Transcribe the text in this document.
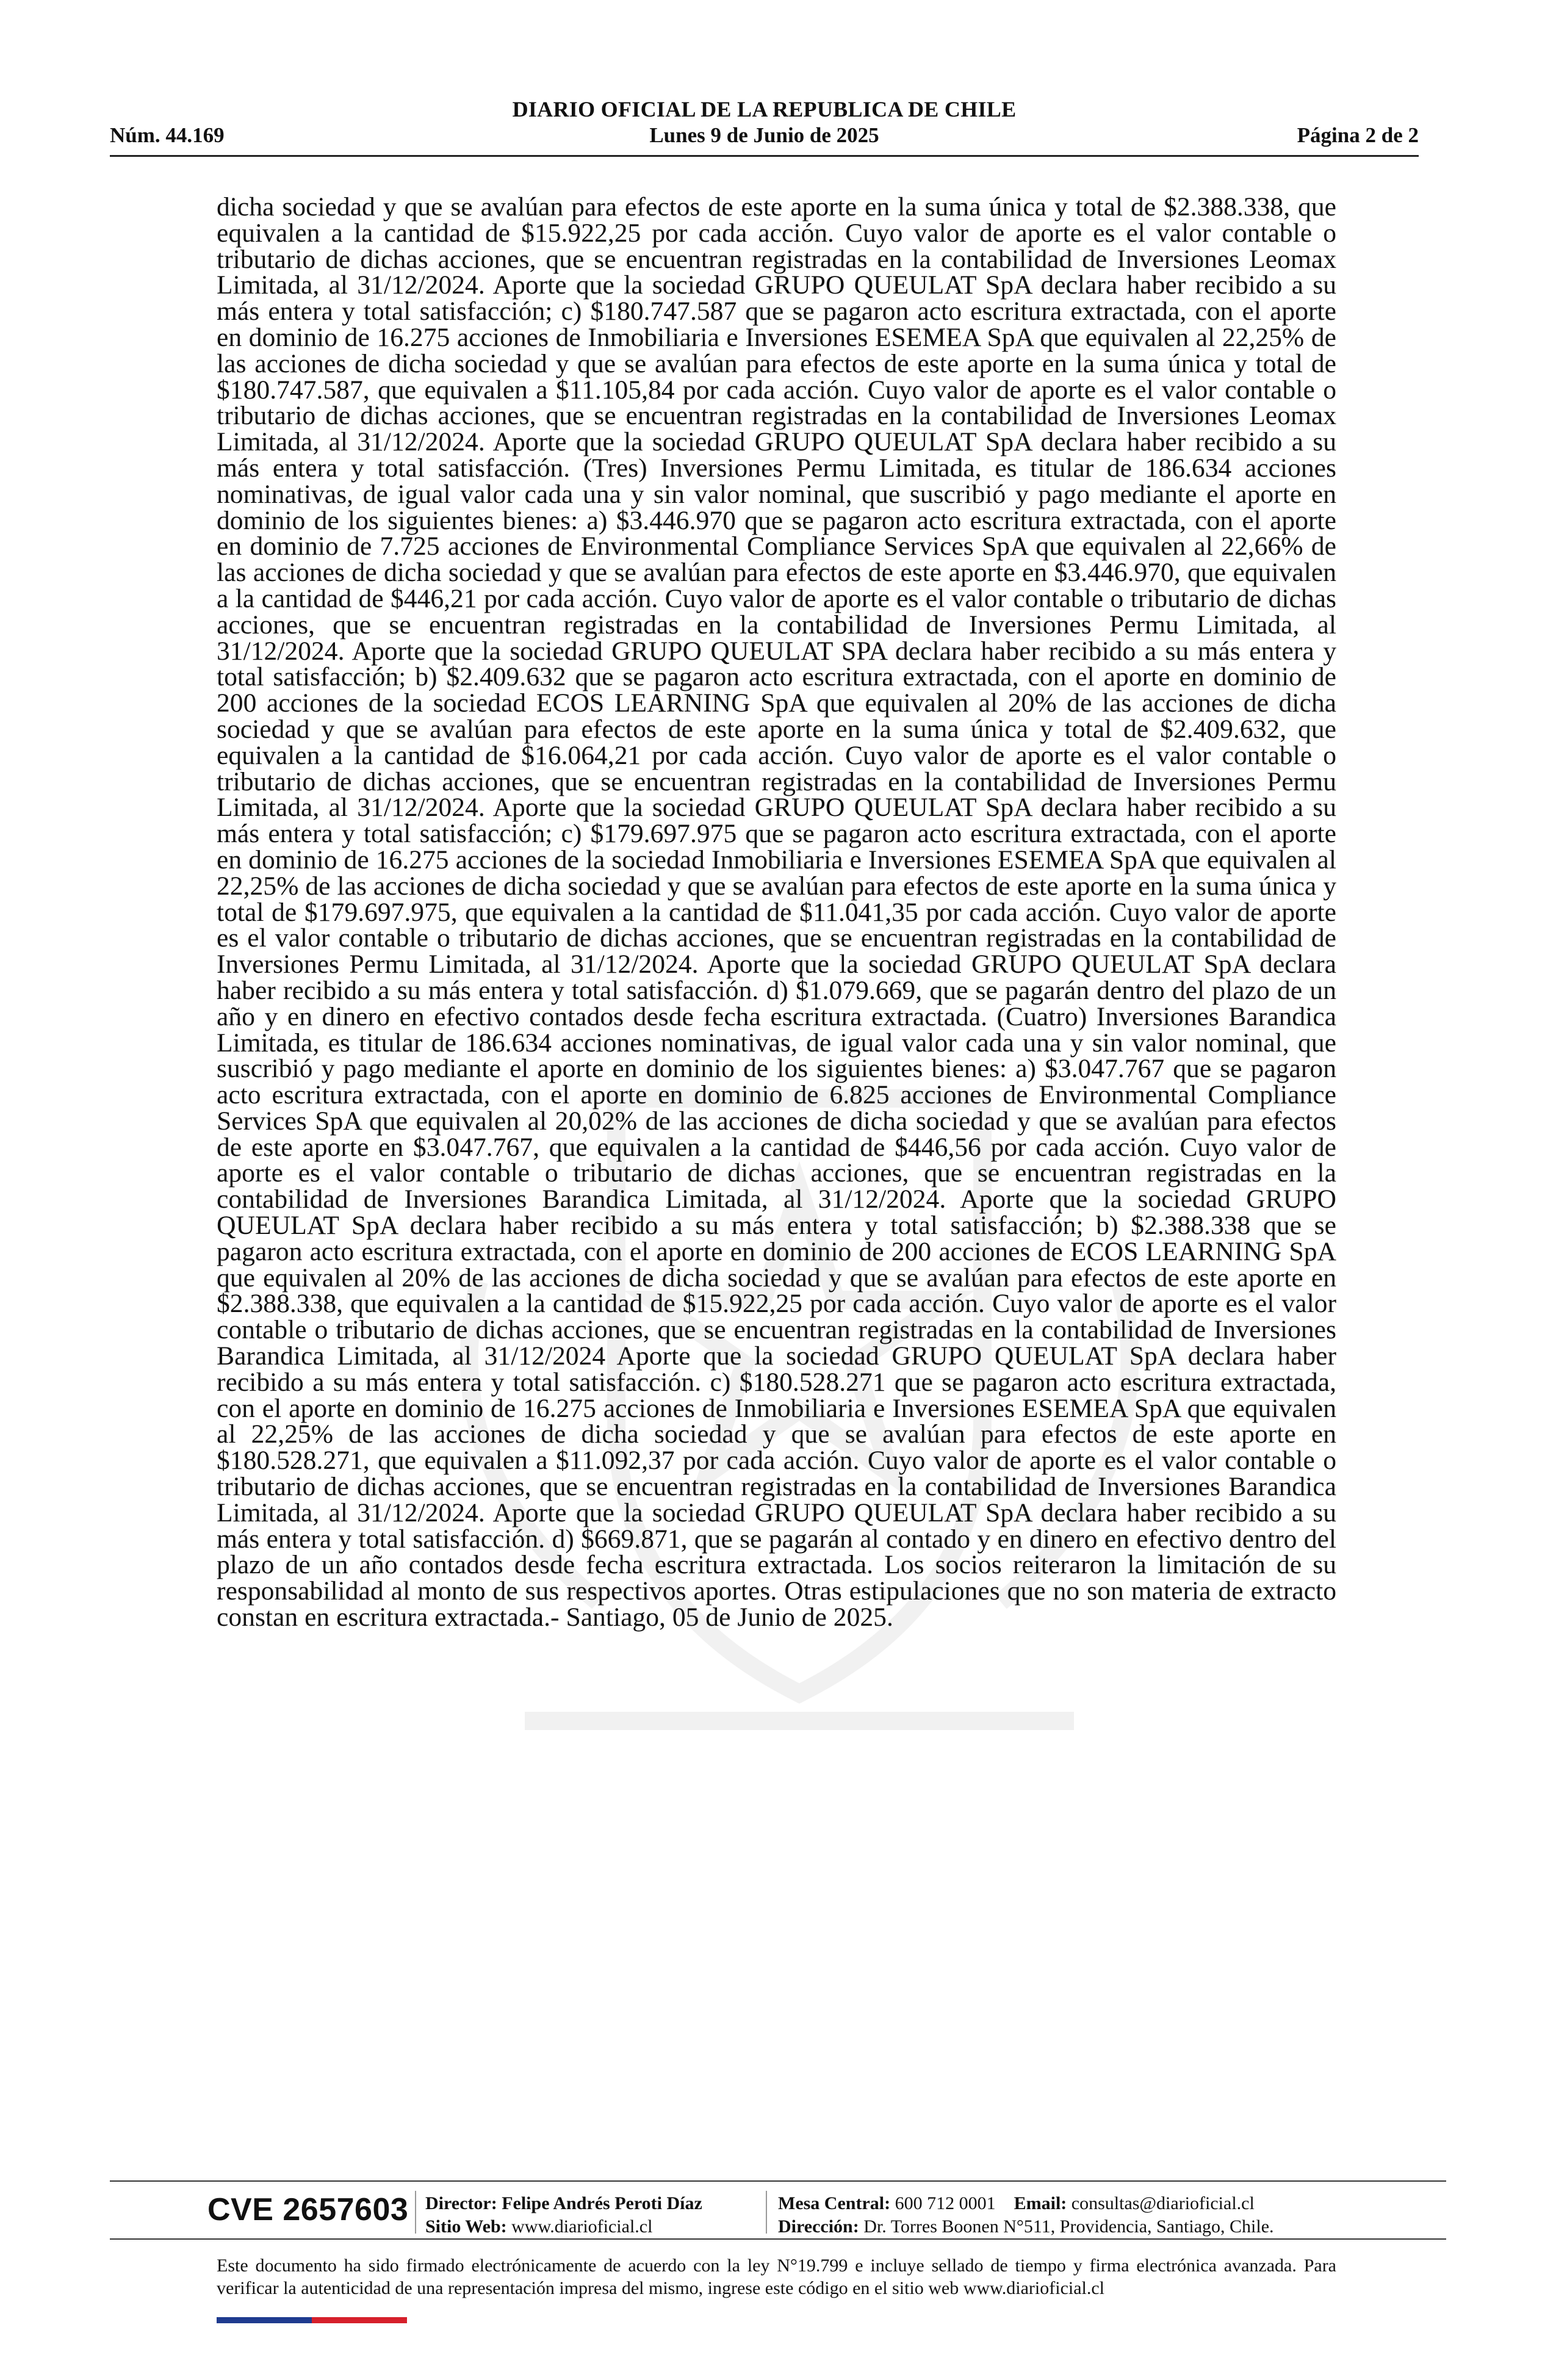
DIARIO OFICIAL DE LA REPUBLICA DE CHILE
Núm. 44.169	Lunes 9 de Junio de 2025	Página 2 de 2

dicha sociedad y que se avalúan para efectos de este aporte en la suma única y total de $2.388.338, que equivalen a la cantidad de $15.922,25 por cada acción. Cuyo valor de aporte es el valor contable o tributario de dichas acciones, que se encuentran registradas en la contabilidad de Inversiones Leomax Limitada, al 31/12/2024. Aporte que la sociedad GRUPO QUEULAT SpA declara haber recibido a su más entera y total satisfacción; c) $180.747.587 que se pagaron acto escritura extractada, con el aporte en dominio de 16.275 acciones de Inmobiliaria e Inversiones ESEMEA SpA que equivalen al 22,25% de las acciones de dicha sociedad y que se avalúan para efectos de este aporte en la suma única y total de $180.747.587, que equivalen a $11.105,84 por cada acción. Cuyo valor de aporte es el valor contable o tributario de dichas acciones, que se encuentran registradas en la contabilidad de Inversiones Leomax Limitada, al 31/12/2024. Aporte que la sociedad GRUPO QUEULAT SpA declara haber recibido a su más entera y total satisfacción. (Tres) Inversiones Permu Limitada, es titular de 186.634 acciones nominativas, de igual valor cada una y sin valor nominal, que suscribió y pago mediante el aporte en dominio de los siguientes bienes: a) $3.446.970 que se pagaron acto escritura extractada, con el aporte en dominio de 7.725 acciones de Environmental Compliance Services SpA que equivalen al 22,66% de las acciones de dicha sociedad y que se avalúan para efectos de este aporte en $3.446.970, que equivalen a la cantidad de $446,21 por cada acción. Cuyo valor de aporte es el valor contable o tributario de dichas acciones, que se encuentran registradas en la contabilidad de Inversiones Permu Limitada, al 31/12/2024. Aporte que la sociedad GRUPO QUEULAT SPA declara haber recibido a su más entera y total satisfacción; b) $2.409.632 que se pagaron acto escritura extractada, con el aporte en dominio de 200 acciones de la sociedad ECOS LEARNING SpA que equivalen al 20% de las acciones de dicha sociedad y que se avalúan para efectos de este aporte en la suma única y total de $2.409.632, que equivalen a la cantidad de $16.064,21 por cada acción. Cuyo valor de aporte es el valor contable o tributario de dichas acciones, que se encuentran registradas en la contabilidad de Inversiones Permu Limitada, al 31/12/2024. Aporte que la sociedad GRUPO QUEULAT SpA declara haber recibido a su más entera y total satisfacción; c) $179.697.975 que se pagaron acto escritura extractada, con el aporte en dominio de 16.275 acciones de la sociedad Inmobiliaria e Inversiones ESEMEA SpA que equivalen al 22,25% de las acciones de dicha sociedad y que se avalúan para efectos de este aporte en la suma única y total de $179.697.975, que equivalen a la cantidad de $11.041,35 por cada acción. Cuyo valor de aporte es el valor contable o tributario de dichas acciones, que se encuentran registradas en la contabilidad de Inversiones Permu Limitada, al 31/12/2024. Aporte que la sociedad GRUPO QUEULAT SpA declara haber recibido a su más entera y total satisfacción. d) $1.079.669, que se pagarán dentro del plazo de un año y en dinero en efectivo contados desde fecha escritura extractada. (Cuatro) Inversiones Barandica Limitada, es titular de 186.634 acciones nominativas, de igual valor cada una y sin valor nominal, que suscribió y pago mediante el aporte en dominio de los siguientes bienes: a) $3.047.767 que se pagaron acto escritura extractada, con el aporte en dominio de 6.825 acciones de Environmental Compliance Services SpA que equivalen al 20,02% de las acciones de dicha sociedad y que se avalúan para efectos de este aporte en $3.047.767, que equivalen a la cantidad de $446,56 por cada acción. Cuyo valor de aporte es el valor contable o tributario de dichas acciones, que se encuentran registradas en la contabilidad de Inversiones Barandica Limitada, al 31/12/2024. Aporte que la sociedad GRUPO QUEULAT SpA declara haber recibido a su más entera y total satisfacción; b) $2.388.338 que se pagaron acto escritura extractada, con el aporte en dominio de 200 acciones de ECOS LEARNING SpA que equivalen al 20% de las acciones de dicha sociedad y que se avalúan para efectos de este aporte en $2.388.338, que equivalen a la cantidad de $15.922,25 por cada acción. Cuyo valor de aporte es el valor contable o tributario de dichas acciones, que se encuentran registradas en la contabilidad de Inversiones Barandica Limitada, al 31/12/2024 Aporte que la sociedad GRUPO QUEULAT SpA declara haber recibido a su más entera y total satisfacción. c) $180.528.271 que se pagaron acto escritura extractada, con el aporte en dominio de 16.275 acciones de Inmobiliaria e Inversiones ESEMEA SpA que equivalen al 22,25% de las acciones de dicha sociedad y que se avalúan para efectos de este aporte en $180.528.271, que equivalen a $11.092,37 por cada acción. Cuyo valor de aporte es el valor contable o tributario de dichas acciones, que se encuentran registradas en la contabilidad de Inversiones Barandica Limitada, al 31/12/2024. Aporte que la sociedad GRUPO QUEULAT SpA declara haber recibido a su más entera y total satisfacción. d) $669.871, que se pagarán al contado y en dinero en efectivo dentro del plazo de un año contados desde fecha escritura extractada. Los socios reiteraron la limitación de su responsabilidad al monto de sus respectivos aportes. Otras estipulaciones que no son materia de extracto constan en escritura extractada.- Santiago, 05 de Junio de 2025.

CVE 2657603 Director: Felipe Andrés Peroti Díaz
Sitio Web: www.diarioficial.cl
Mesa Central: 600 712 0001 Email: consultas@diarioficial.cl
Dirección: Dr. Torres Boonen N°511, Providencia, Santiago, Chile.

Este documento ha sido firmado electrónicamente de acuerdo con la ley N°19.799 e incluye sellado de tiempo y firma electrónica avanzada. Para verificar la autenticidad de una representación impresa del mismo, ingrese este código en el sitio web www.diarioficial.cl
